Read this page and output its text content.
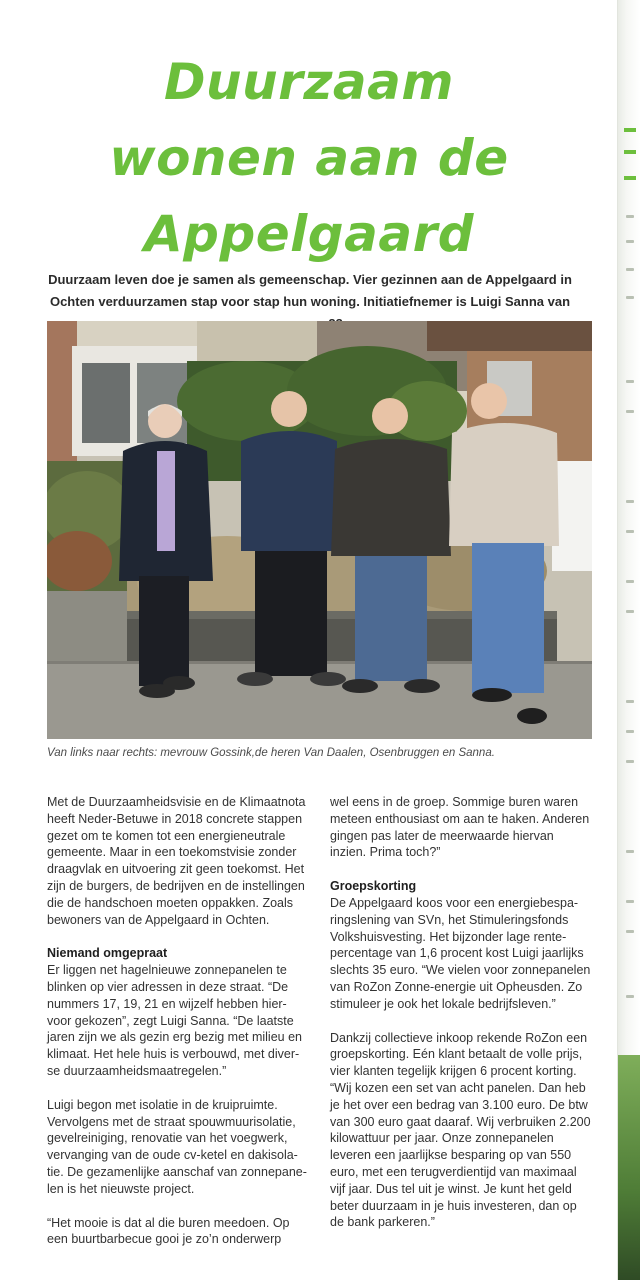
Duurzaam
wonen aan de
Appelgaard

Duurzaam leven doe je samen als gemeenschap. Vier gezinnen aan de Appelgaard in Ochten verduurzamen stap voor stap hun woning. Initiatiefnemer is Luigi Sanna van

Van links naar rechts: mevrouw Gossink,de heren Van Daalen, Osenbruggen en Sanna.

Met de Duurzaamheidsvisie en de Klimaatnota heeft Neder-Betuwe in 2018 concrete stappen gezet om te komen tot een energieneutrale gemeente. Maar in een toekomstvisie zonder draagvlak en uitvoering zit geen toekomst. Het zijn de burgers, de bedrijven en de instellingen die de handschoen moeten oppakken. Zoals bewoners van de Appelgaard in Ochten.

Niemand omgepraat

Er liggen net hagelnieuwe zonnepanelen te blinken op vier adressen in deze straat. “De nummers 17, 19, 21 en wijzelf hebben hier-voor gekozen”, zegt Luigi Sanna. “De laatste jaren zijn we als gezin erg bezig met milieu en klimaat. Het hele huis is verbouwd, met diver-se duurzaamheidsmaatregelen.”

Luigi begon met isolatie in de kruipruimte. Vervolgens met de straat spouwmuurisolatie, gevelreiniging, renovatie van het voegwerk, vervanging van de oude cv-ketel en dakisola-tie. De gezamenlijke aanschaf van zonnepane-len is het nieuwste project.

“Het mooie is dat al die buren meedoen. Op een buurtbarbecue gooi je zo’n onderwerp

wel eens in de groep. Sommige buren waren meteen enthousiast om aan te haken. Anderen gingen pas later de meerwaarde hiervan inzien. Prima toch?”

Groepskorting

De Appelgaard koos voor een energiebespa-ringslening van SVn, het Stimuleringsfonds Volkshuisvesting. Het bijzonder lage rente-percentage van 1,6 procent kost Luigi jaarlijks slechts 35 euro. “We vielen voor zonnepanelen van RoZon Zonne-energie uit Opheusden. Zo stimuleer je ook het lokale bedrijfsleven.”

Dankzij collectieve inkoop rekende RoZon een groepskorting. Eén klant betaalt de volle prijs, vier klanten tegelijk krijgen 6 procent korting. “Wij kozen een set van acht panelen. Dan heb je het over een bedrag van 3.100 euro. De btw van 300 euro gaat daaraf. Wij verbruiken 2.200 kilowattuur per jaar. Onze zonnepanelen leveren een jaarlijkse besparing op van 550 euro, met een terugverdientijd van maximaal vijf jaar. Dus tel uit je winst. Je kunt het geld beter duurzaam in je huis investeren, dan op de bank parkeren.”
